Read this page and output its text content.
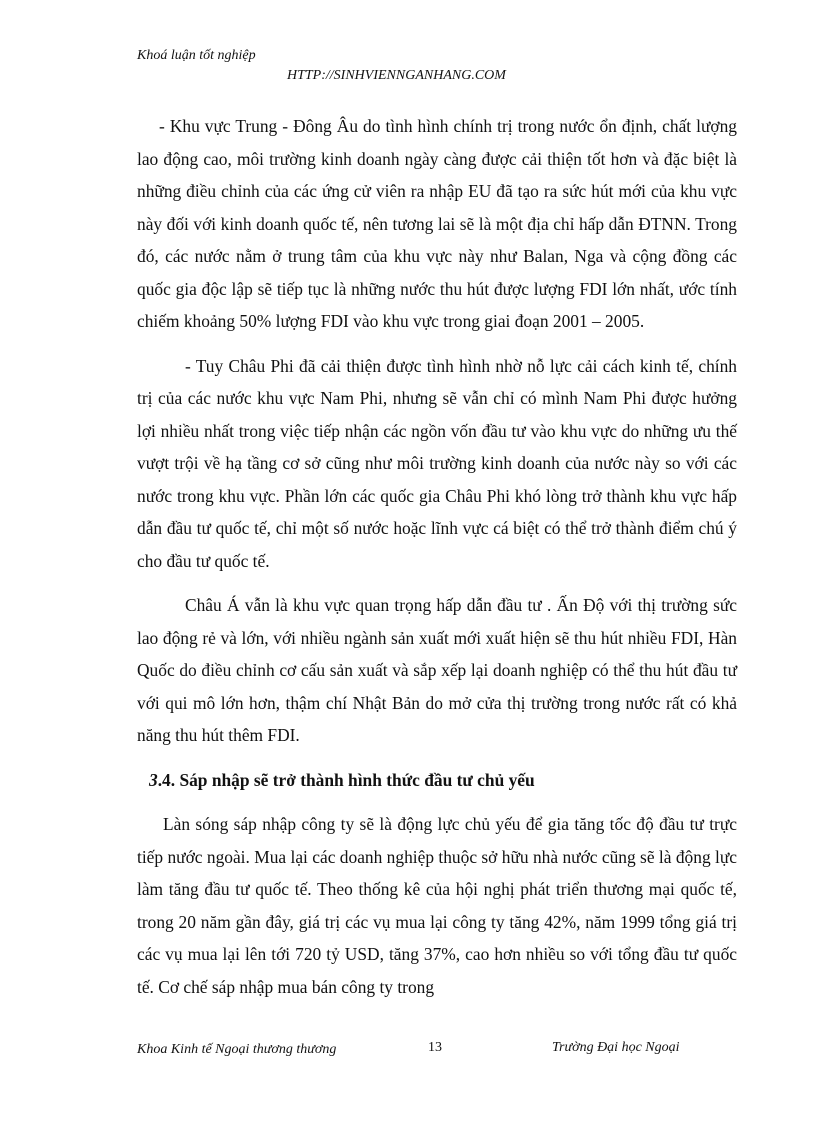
Khoá luận tốt nghiệp
HTTP://SINHVIENNGANHANG.COM

- Khu vực Trung - Đông Âu do tình hình chính trị trong nước ổn định, chất lượng lao động cao, môi trường kinh doanh ngày càng được cải thiện tốt hơn và đặc biệt là những điều chỉnh của các ứng cử viên ra nhập EU đã tạo ra sức hút mới của khu vực này đối với kinh doanh quốc tế, nên tương lai sẽ là một địa chỉ hấp dẫn ĐTNN. Trong đó, các nước nằm ở trung tâm của khu vực này như Balan, Nga và cộng đồng các quốc gia độc lập sẽ tiếp tục là những nước thu hút được lượng FDI lớn nhất, ước tính chiếm khoảng 50% lượng FDI vào khu vực trong giai đoạn 2001 – 2005.

- Tuy Châu Phi đã cải thiện được tình hình nhờ nỗ lực cải cách kinh tế, chính trị của các nước khu vực Nam Phi, nhưng sẽ vẫn chỉ có mình Nam Phi được hưởng lợi nhiều nhất trong việc tiếp nhận các ngồn vốn đầu tư vào khu vực do những ưu thế vượt trội về hạ tầng cơ sở cũng như môi trường kinh doanh của nước này so với các nước trong khu vực. Phần lớn các quốc gia Châu Phi khó lòng trở thành khu vực hấp dẫn đầu tư quốc tế, chỉ một số nước hoặc lĩnh vực cá biệt có thể trở thành điểm chú ý cho đầu tư quốc tế.

Châu Á vẫn là khu vực quan trọng hấp dẫn đầu tư . Ấn Độ với thị trường sức lao động rẻ và lớn, với nhiều ngành sản xuất mới xuất hiện sẽ thu hút nhiều FDI, Hàn Quốc do điều chỉnh cơ cấu sản xuất và sắp xếp lại doanh nghiệp có thể thu hút đầu tư với qui mô lớn hơn, thậm chí Nhật Bản do mở cửa thị trường trong nước rất có khả năng thu hút thêm FDI.

3.4. Sáp nhập sẽ trở thành hình thức đầu tư chủ yếu

Làn sóng sáp nhập công ty sẽ là động lực chủ yếu để gia tăng tốc độ đầu tư trực tiếp nước ngoài. Mua lại các doanh nghiệp thuộc sở hữu nhà nước cũng sẽ là động lực làm tăng đầu tư quốc tế. Theo thống kê của hội nghị phát triển thương mại quốc tế, trong 20 năm gần đây, giá trị các vụ mua lại công ty tăng 42%, năm 1999 tổng giá trị các vụ mua lại lên tới 720 tỷ USD, tăng 37%, cao hơn nhiều so với tổng đầu tư quốc tế. Cơ chế sáp nhập mua bán công ty trong

Khoa Kinh tế Ngoại thương thương	13	Trường Đại học Ngoại
